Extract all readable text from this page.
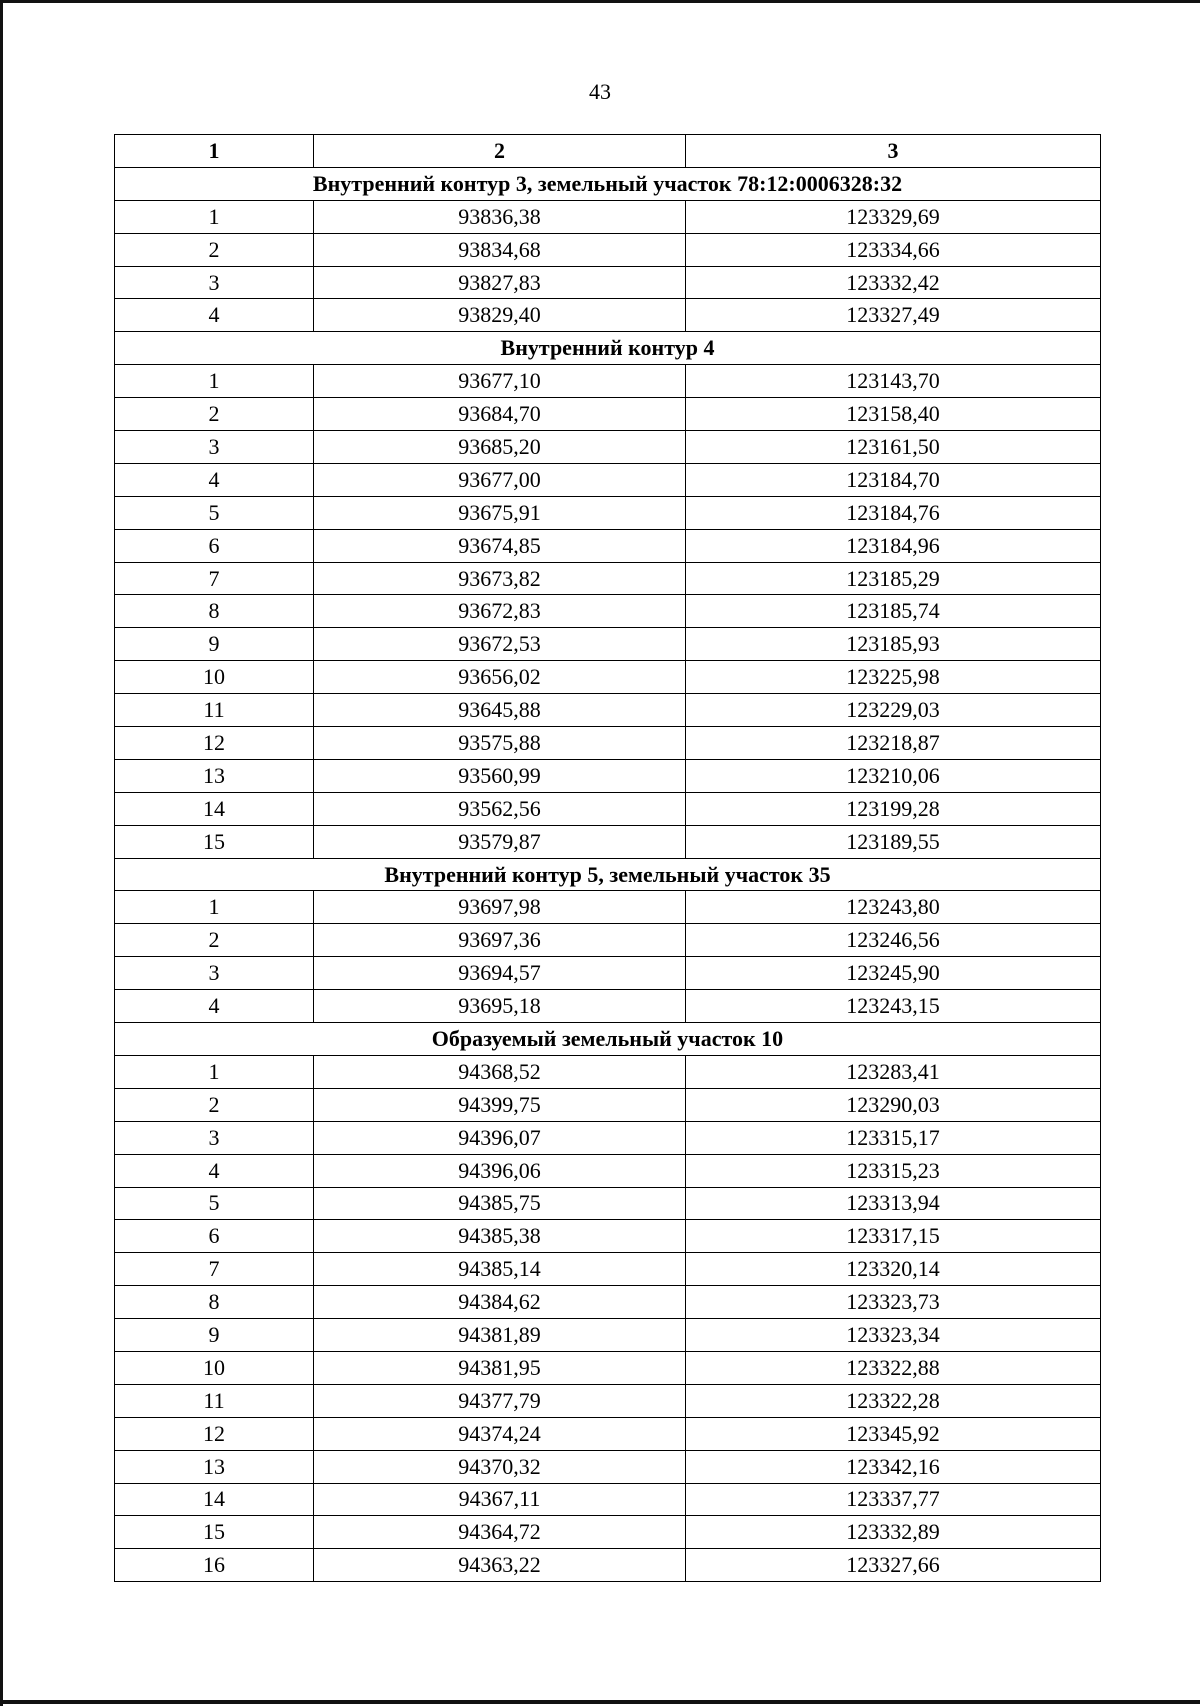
43
1	2	3
Внутренний контур 3, земельный участок 78:12:0006328:32		
1	93836,38	123329,69
2	93834,68	123334,66
3	93827,83	123332,42
4	93829,40	123327,49
Внутренний контур 4		
1	93677,10	123143,70
2	93684,70	123158,40
3	93685,20	123161,50
4	93677,00	123184,70
5	93675,91	123184,76
6	93674,85	123184,96
7	93673,82	123185,29
8	93672,83	123185,74
9	93672,53	123185,93
10	93656,02	123225,98
11	93645,88	123229,03
12	93575,88	123218,87
13	93560,99	123210,06
14	93562,56	123199,28
15	93579,87	123189,55
Внутренний контур 5, земельный участок 35		
1	93697,98	123243,80
2	93697,36	123246,56
3	93694,57	123245,90
4	93695,18	123243,15
Образуемый земельный участок 10		
1	94368,52	123283,41
2	94399,75	123290,03
3	94396,07	123315,17
4	94396,06	123315,23
5	94385,75	123313,94
6	94385,38	123317,15
7	94385,14	123320,14
8	94384,62	123323,73
9	94381,89	123323,34
10	94381,95	123322,88
11	94377,79	123322,28
12	94374,24	123345,92
13	94370,32	123342,16
14	94367,11	123337,77
15	94364,72	123332,89
16	94363,22	123327,66
